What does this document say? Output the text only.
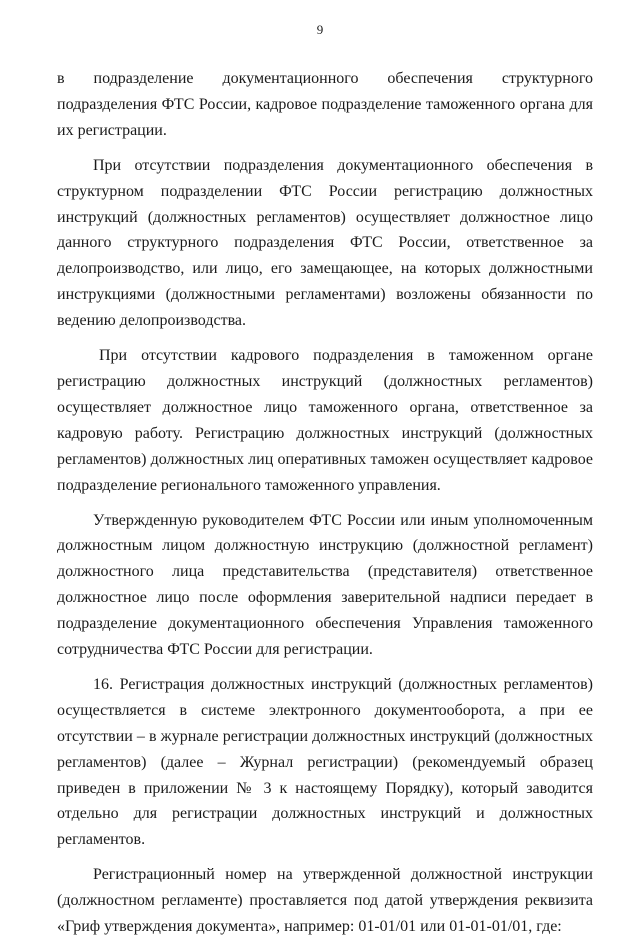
9

в подразделение документационного обеспечения структурного подразделения ФТС России, кадровое подразделение таможенного органа для их регистрации.

При отсутствии подразделения документационного обеспечения в структурном подразделении ФТС России регистрацию должностных инструкций (должностных регламентов) осуществляет должностное лицо данного структурного подразделения ФТС России, ответственное за делопроизводство, или лицо, его замещающее, на которых должностными инструкциями (должностными регламентами) возложены обязанности по ведению делопроизводства.

При отсутствии кадрового подразделения в таможенном органе регистрацию должностных инструкций (должностных регламентов) осуществляет должностное лицо таможенного органа, ответственное за кадровую работу. Регистрацию должностных инструкций (должностных регламентов) должностных лиц оперативных таможен осуществляет кадровое подразделение регионального таможенного управления.

Утвержденную руководителем ФТС России или иным уполномоченным должностным лицом должностную инструкцию (должностной регламент) должностного лица представительства (представителя) ответственное должностное лицо после оформления заверительной надписи передает в подразделение документационного обеспечения Управления таможенного сотрудничества ФТС России для регистрации.

16. Регистрация должностных инструкций (должностных регламентов) осуществляется в системе электронного документооборота, а при ее отсутствии – в журнале регистрации должностных инструкций (должностных регламентов) (далее – Журнал регистрации) (рекомендуемый образец приведен в приложении № 3 к настоящему Порядку), который заводится отдельно для регистрации должностных инструкций и должностных регламентов.

Регистрационный номер на утвержденной должностной инструкции (должностном регламенте) проставляется под датой утверждения реквизита «Гриф утверждения документа», например: 01-01/01 или 01-01-01/01, где:
